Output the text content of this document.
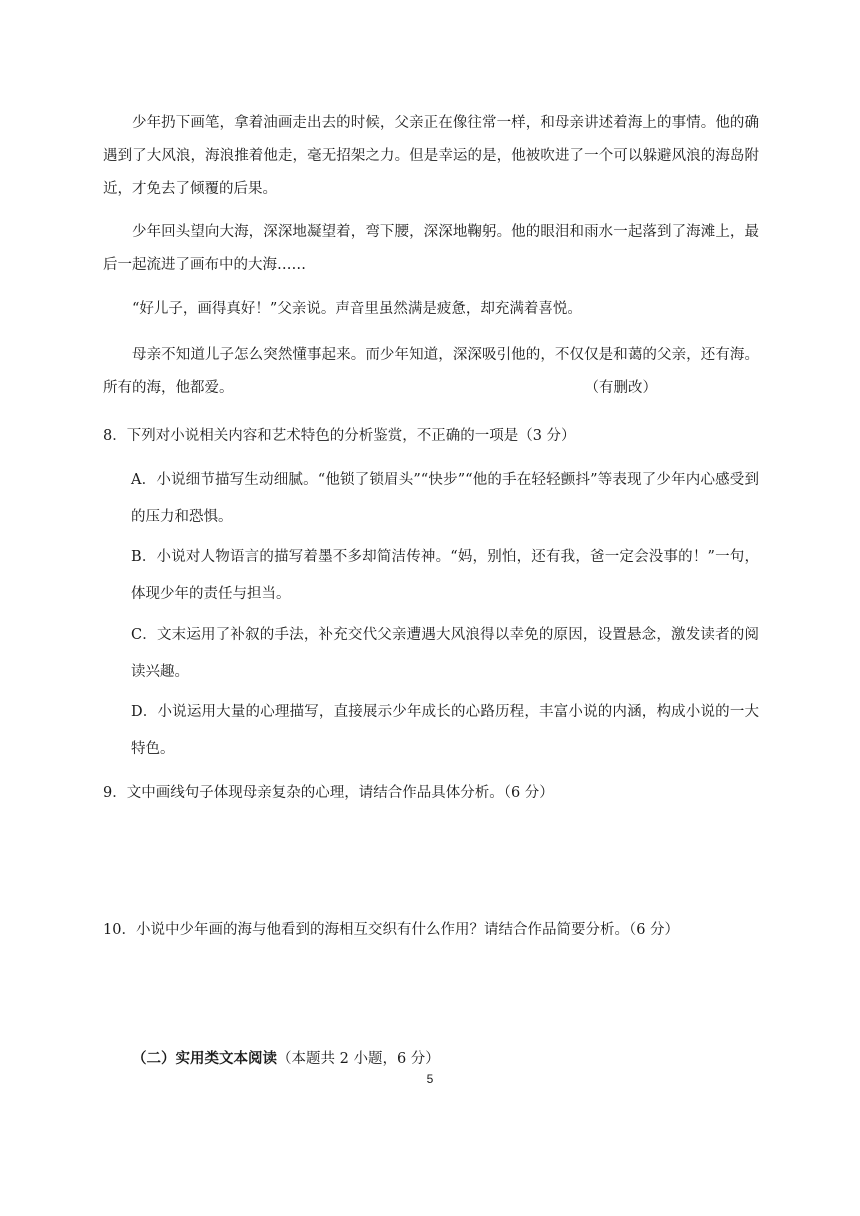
少年扔下画笔，拿着油画走出去的时候，父亲正在像往常一样，和母亲讲述着海上的事情。他的确遇到了大风浪，海浪推着他走，毫无招架之力。但是幸运的是，他被吹进了一个可以躲避风浪的海岛附近，才免去了倾覆的后果。

少年回头望向大海，深深地凝望着，弯下腰，深深地鞠躬。他的眼泪和雨水一起落到了海滩上，最后一起流进了画布中的大海……

“好儿子，画得真好！”父亲说。声音里虽然满是疲惫，却充满着喜悦。

母亲不知道儿子怎么突然懂事起来。而少年知道，深深吸引他的，不仅仅是和蔼的父亲，还有海。所有的海，他都爱。	（有删改）

8．下列对小说相关内容和艺术特色的分析鉴赏，不正确的一项是（3 分）

A．小说细节描写生动细腻。“他锁了锁眉头”“快步”“他的手在轻轻颤抖”等表现了少年内心感受到的压力和恐惧。
B．小说对人物语言的描写着墨不多却简洁传神。“妈，别怕，还有我，爸一定会没事的！”一句，体现少年的责任与担当。
C．文末运用了补叙的手法，补充交代父亲遭遇大风浪得以幸免的原因，设置悬念，激发读者的阅读兴趣。
D．小说运用大量的心理描写，直接展示少年成长的心路历程，丰富小说的内涵，构成小说的一大特色。

9．文中画线句子体现母亲复杂的心理，请结合作品具体分析。（6 分）

10．小说中少年画的海与他看到的海相互交织有什么作用？请结合作品简要分析。（6 分）

（二）实用类文本阅读（本题共 2 小题，6 分）

5
